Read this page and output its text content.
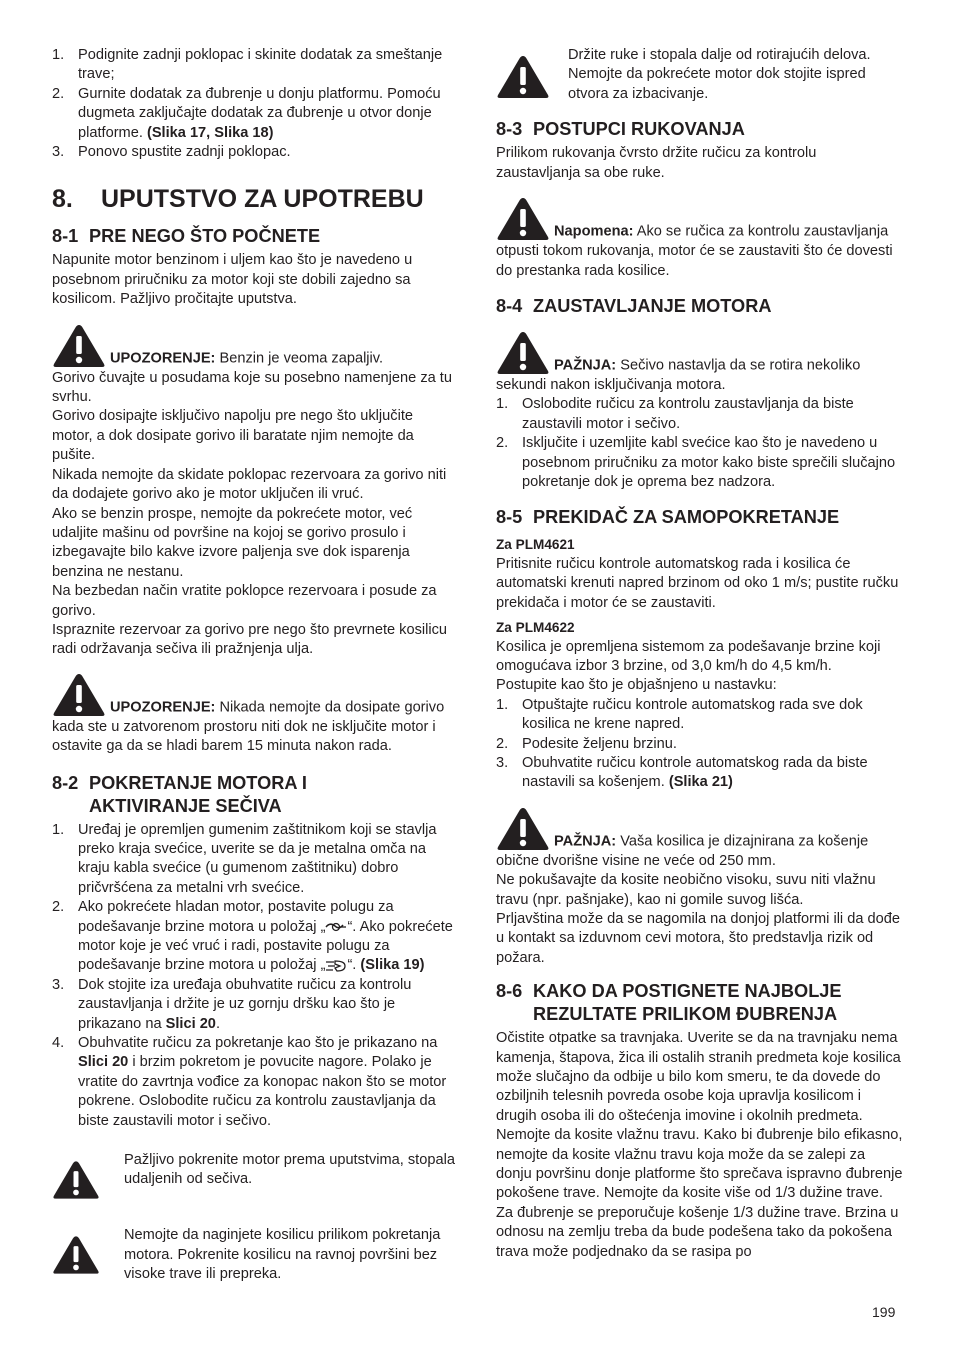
1. Podignite zadnji poklopac i skinite dodatak za smeštanje trave;
2. Gurnite dodatak za đubrenje u donju platformu. Pomoću dugmeta zaključajte dodatak za đubrenje u otvor donje platforme. (Slika 17, Slika 18)
3. Ponovo spustite zadnji poklopac.
8.	UPUTSTVO ZA UPOTREBU
8-1 PRE NEGO ŠTO POČNETE

Napunite motor benzinom i uljem kao što je navedeno u posebnom priručniku za motor koji ste dobili zajedno sa kosilicom. Pažljivo pročitajte uputstva.

UPOZORENJE: Benzin je veoma zapaljiv.

Gorivo čuvajte u posudama koje su posebno namenjene za tu svrhu.

Gorivo dosipajte isključivo napolju pre nego što uključite motor, a dok dosipate gorivo ili baratate njim nemojte da pušite.

Nikada nemojte da skidate poklopac rezervoara za gorivo niti da dodajete gorivo ako je motor uključen ili vruć.

Ako se benzin prospe, nemojte da pokrećete motor, već udaljite mašinu od površine na kojoj se gorivo prosulo i izbegavajte bilo kakve izvore paljenja sve dok isparenja benzina ne nestanu.

Na bezbedan način vratite poklopce rezervoara i posude za gorivo.

Ispraznite rezervoar za gorivo pre nego što prevrnete kosilicu radi održavanja sečiva ili pražnjenja ulja.

UPOZORENJE: Nikada nemojte da dosipate gorivo kada ste u zatvorenom prostoru niti dok ne isključite motor i ostavite ga da se hladi barem 15 minuta nakon rada.

8-2 POKRETANJE MOTORA I
AKTIVIRANJE SEČIVA
1. Uređaj je opremljen gumenim zaštitnikom koji se stavlja preko kraja svećice, uverite se da je metalna omča na kraju kabla svećice (u gumenom zaštitniku) dobro pričvršćena za metalni vrh svećice.
2. Ako pokrećete hladan motor, postavite polugu za podešavanje brzine motora u položaj „ “. Ako pokrećete motor koje je već vruć i radi, postavite polugu za podešavanje brzine motora u položaj „ “. (Slika 19)
3. Dok stojite iza uređaja obuhvatite ručicu za kontrolu zaustavljanja i držite je uz gornju dršku kao što je prikazano na Slici 20.
4. Obuhvatite ručicu za pokretanje kao što je prikazano na Slici 20 i brzim pokretom je povucite nagore. Polako je vratite do zavrtnja vođice za konopac nakon što se motor pokrene. Oslobodite ručicu za kontrolu zaustavljanja da biste zaustavili motor i sečivo.
Pažljivo pokrenite motor prema uputstvima, stopala udaljenih od sečiva.
Nemojte da naginjete kosilicu prilikom pokretanja motora. Pokrenite kosilicu na ravnoj površini bez visoke trave ili prepreka.
Držite ruke i stopala dalje od rotirajućih delova. Nemojte da pokrećete motor dok stojite ispred otvora za izbacivanje.
8-3 POSTUPCI RUKOVANJA

Prilikom rukovanja čvrsto držite ručicu za kontrolu zaustavljanja sa obe ruke.

Napomena: Ako se ručica za kontrolu zaustavljanja otpusti tokom rukovanja, motor će se zaustaviti što će dovesti do prestanka rada kosilice.

8-4 ZAUSTAVLJANJE MOTORA

PAŽNJA: Sečivo nastavlja da se rotira nekoliko sekundi nakon isključivanja motora.

1. Oslobodite ručicu za kontrolu zaustavljanja da biste zaustavili motor i sečivo.
2. Isključite i uzemljite kabl svećice kao što je navedeno u posebnom priručniku za motor kako biste sprečili slučajno pokretanje dok je oprema bez nadzora.
8-5 PREKIDAČ ZA SAMOPOKRETANJE

Za PLM4621

Pritisnite ručicu kontrole automatskog rada i kosilica će automatski krenuti napred brzinom od oko 1 m/s; pustite ručku prekidača i motor će se zaustaviti.

Za PLM4622

Kosilica je opremljena sistemom za podešavanje brzine koji omogućava izbor 3 brzine, od 3,0 km/h do 4,5 km/h.

Postupite kao što je objašnjeno u nastavku:

1. Otpuštajte ručicu kontrole automatskog rada sve dok kosilica ne krene napred.
2. Podesite željenu brzinu.
3. Obuhvatite ručicu kontrole automatskog rada da biste nastavili sa košenjem. (Slika 21)

PAŽNJA: Vaša kosilica je dizajnirana za košenje obične dvorišne visine ne veće od 250 mm.

Ne pokušavajte da kosite neobično visoku, suvu niti vlažnu travu (npr. pašnjake), kao ni gomile suvog lišća.

Prljavština može da se nagomila na donjoj platformi ili da dođe u kontakt sa izduvnom cevi motora, što predstavlja rizik od požara.

8-6 KAKO DA POSTIGNETE NAJBOLJE
REZULTATE PRILIKOM ĐUBRENJA

Očistite otpatke sa travnjaka. Uverite se da na travnjaku nema kamenja, štapova, žica ili ostalih stranih predmeta koje kosilica može slučajno da odbije u bilo kom smeru, te da dovede do ozbiljnih telesnih povreda osobe koja upravlja kosilicom i drugih osoba ili do oštećenja imovine i okolnih predmeta. Nemojte da kosite vlažnu travu. Kako bi đubrenje bilo efikasno, nemojte da kosite vlažnu travu koja može da se zalepi za donju površinu donje platforme što sprečava ispravno đubrenje pokošene trave. Nemojte da kosite više od 1/3 dužine trave.

Za đubrenje se preporučuje košenje 1/3 dužine trave. Brzina u odnosu na zemlju treba da bude podešena tako da pokošena trava može podjednako da se rasipa po

199
